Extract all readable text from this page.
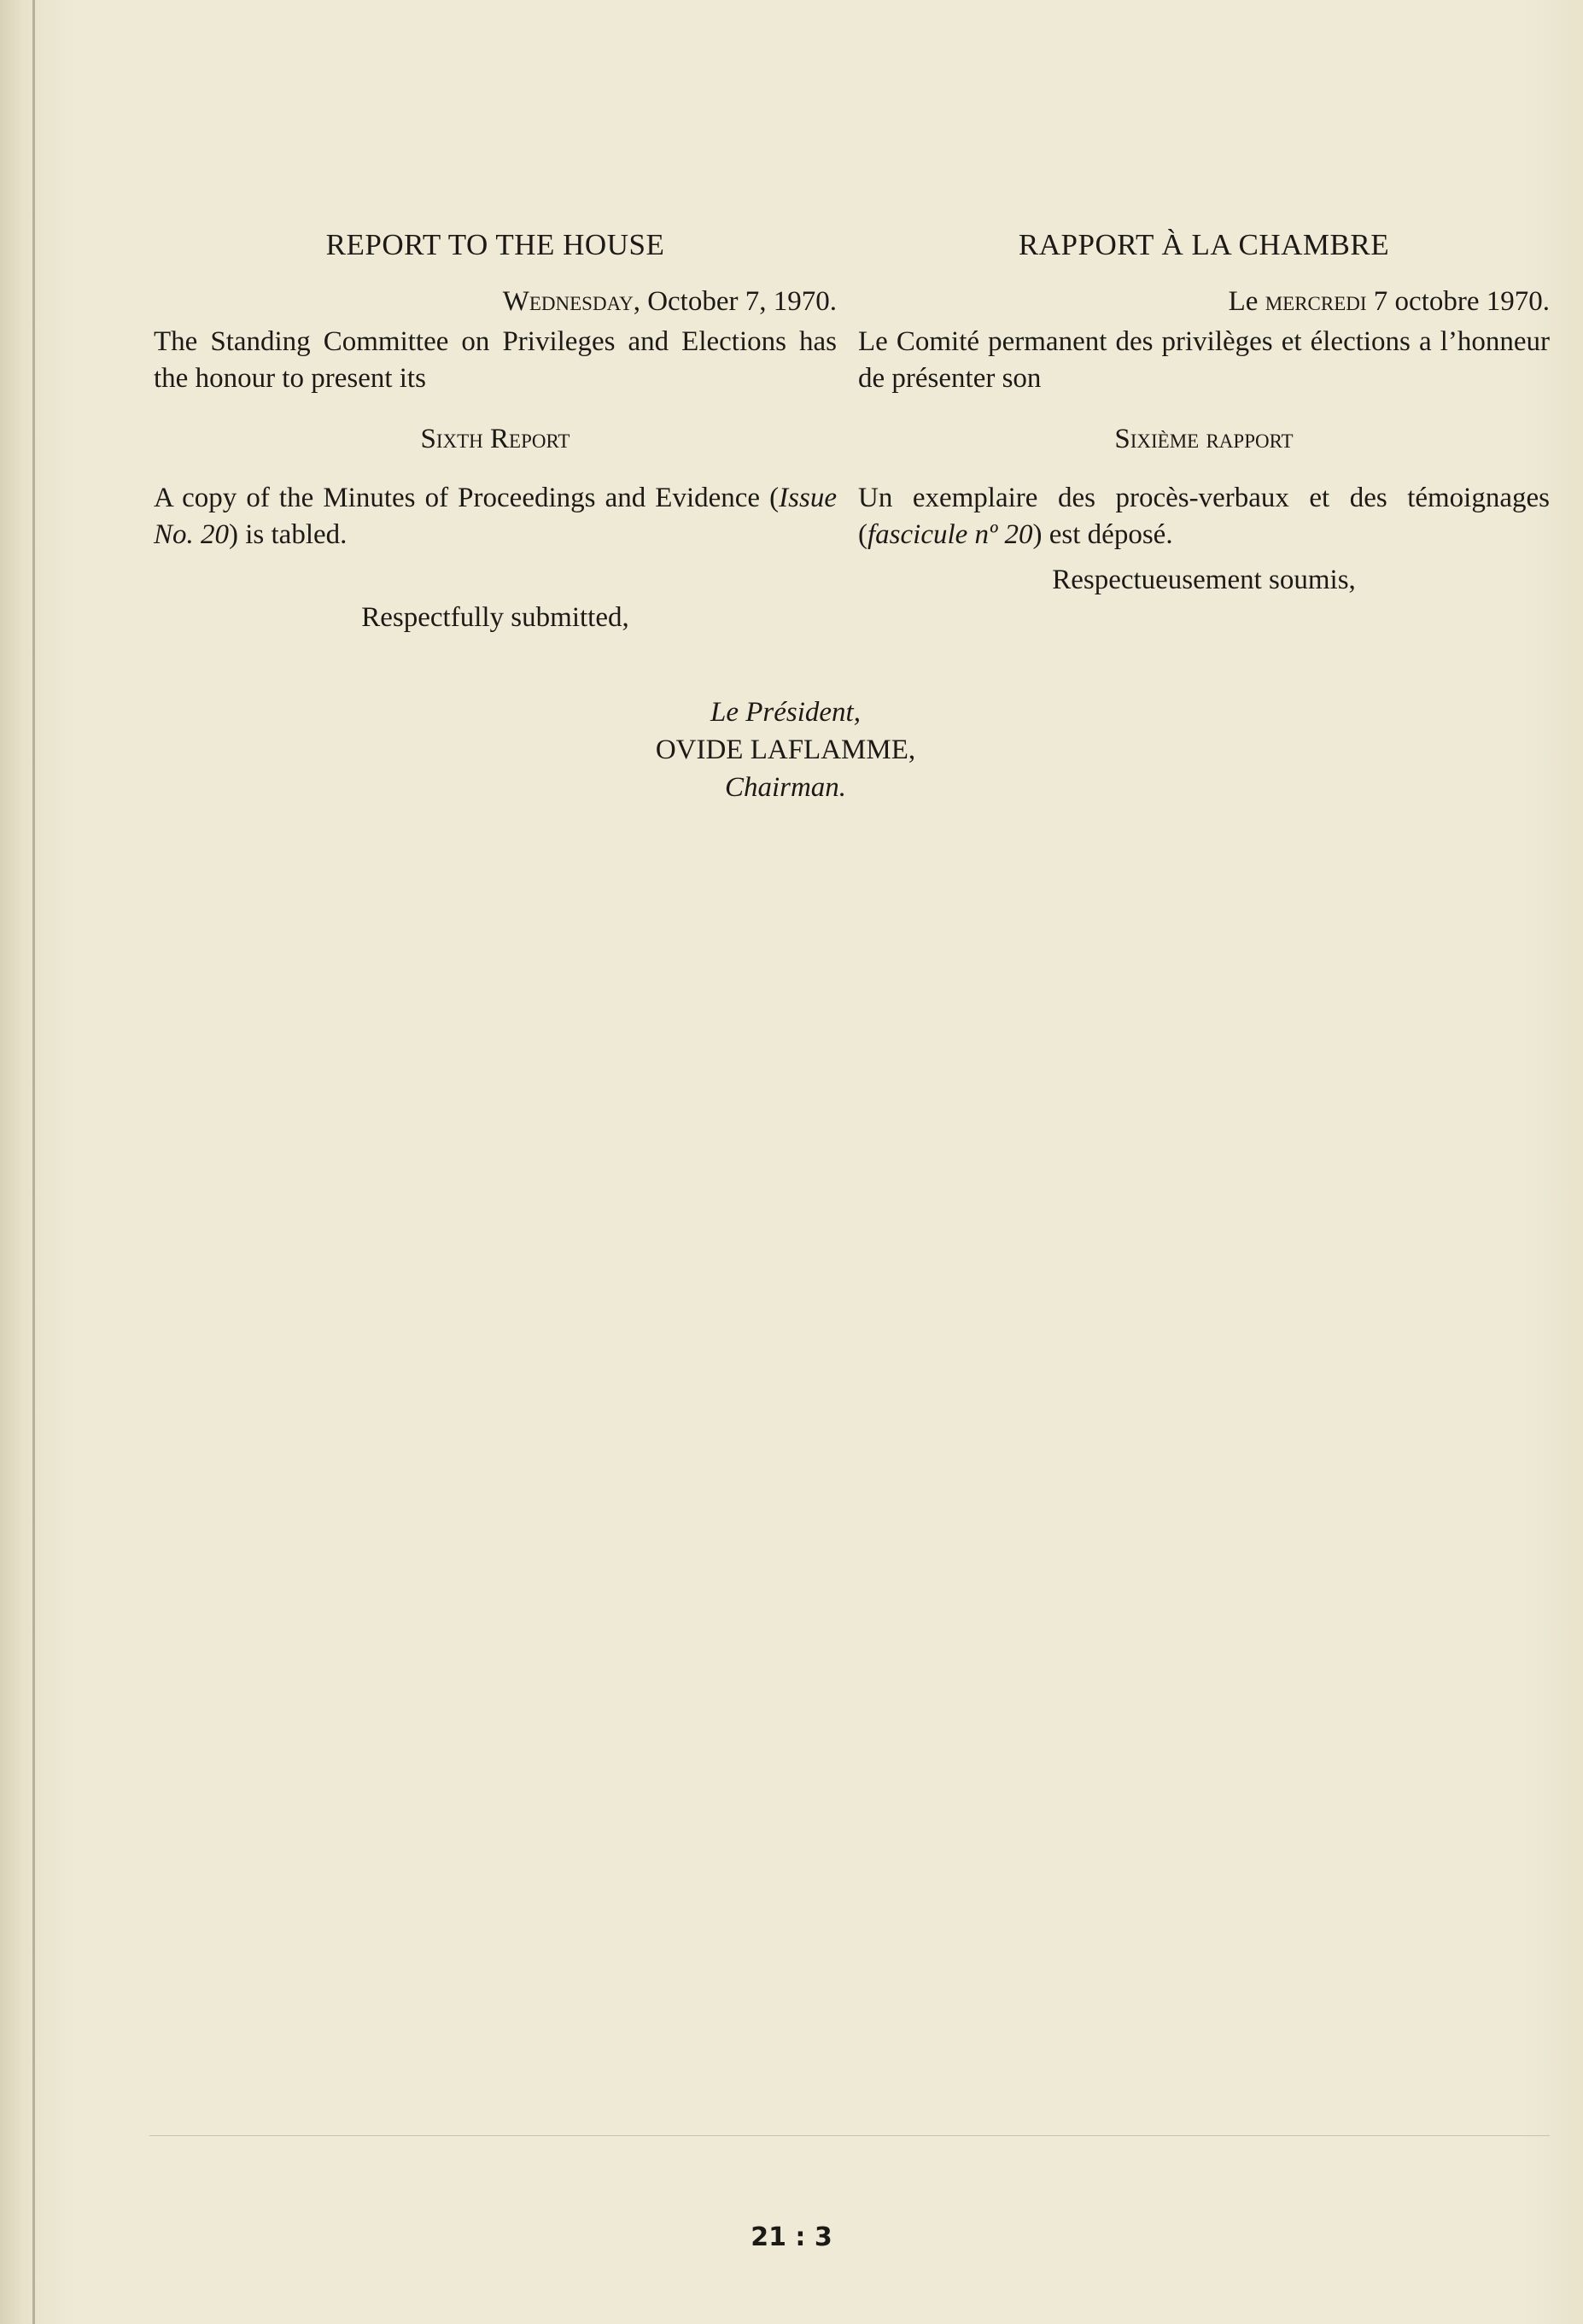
REPORT TO THE HOUSE

Wednesday, October 7, 1970.

The Standing Committee on Privileges and Elections has the honour to present its

Sixth Report

A copy of the Minutes of Proceedings and Evidence (Issue No. 20) is tabled.

Respectfully submitted,

RAPPORT À LA CHAMBRE

Le mercredi 7 octobre 1970.

Le Comité permanent des privilèges et élections a l’honneur de présenter son

Sixième rapport

Un exemplaire des procès-verbaux et des témoignages (fascicule nº 20) est déposé.

Respectueusement soumis,

Le Président,
OVIDE LAFLAMME,
Chairman.
21 : 3
